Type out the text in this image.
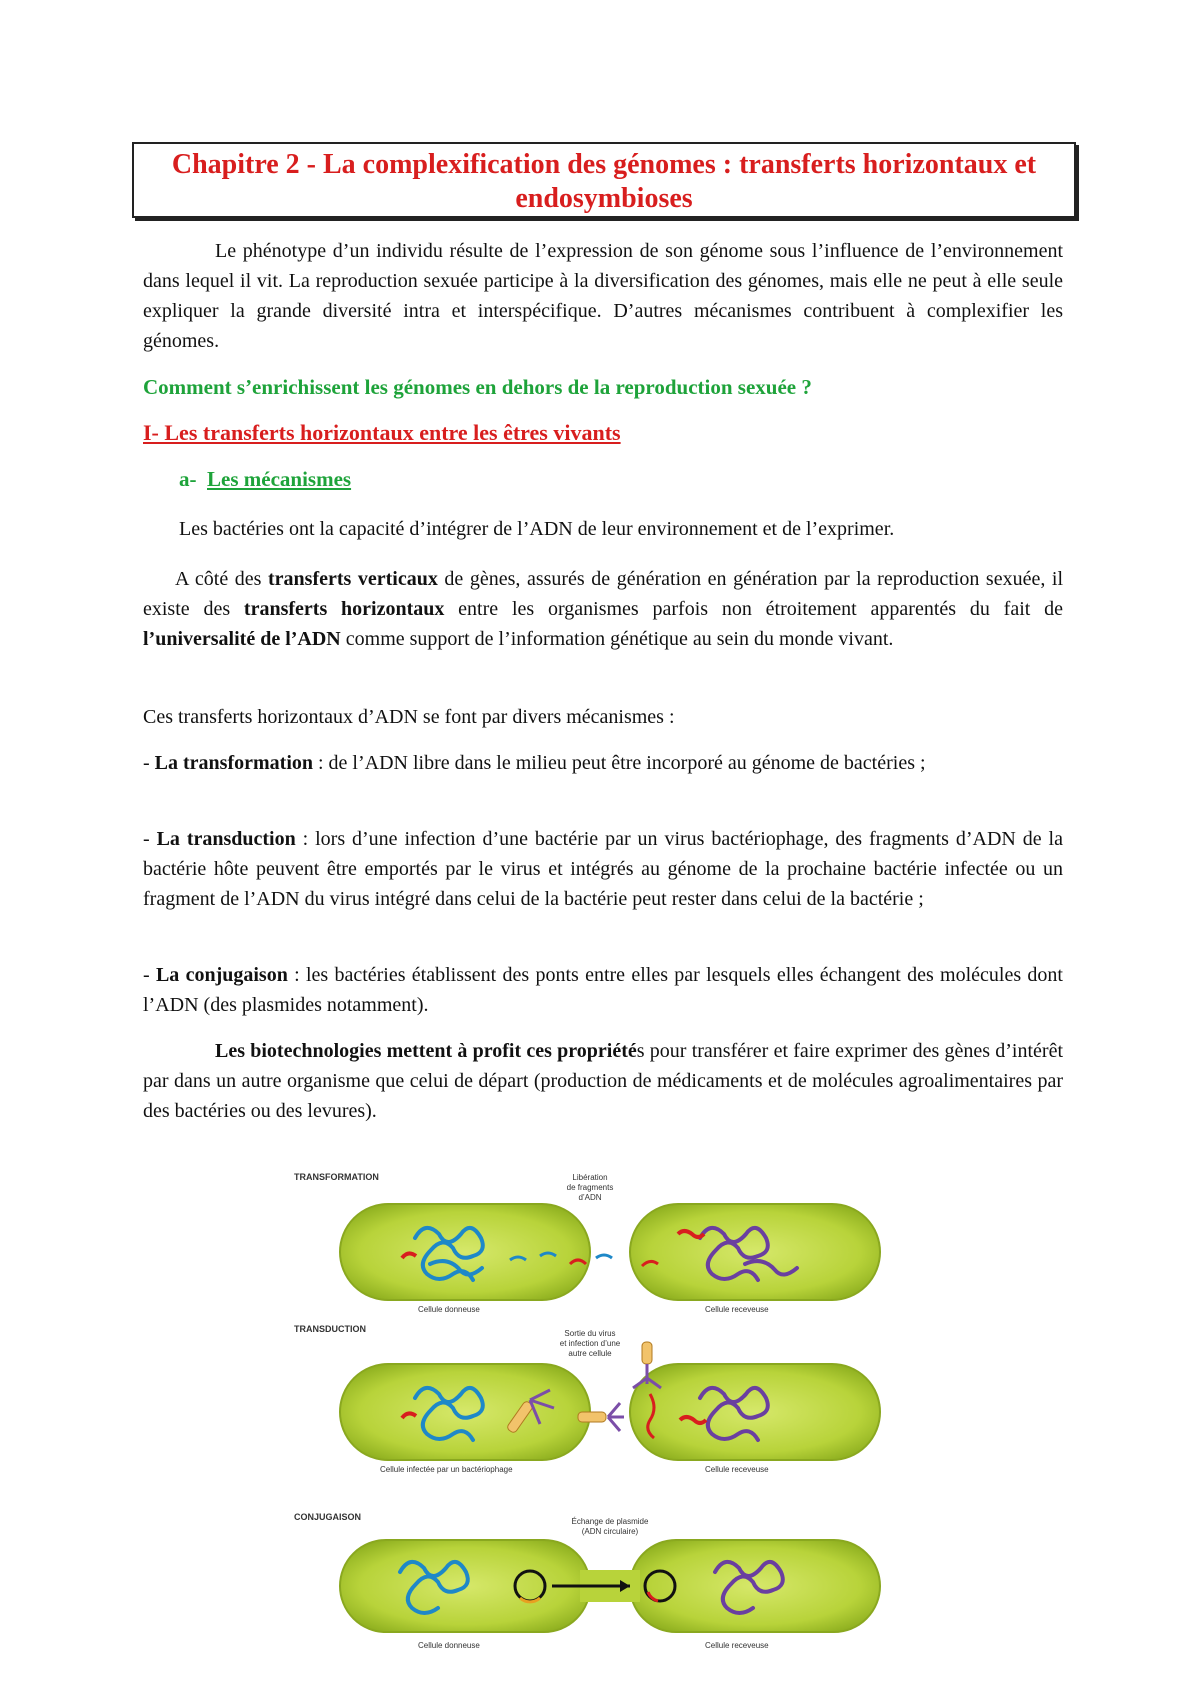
Chapitre 2 - La complexification des génomes : transferts horizontaux et endosymbioses

Le phénotype d’un individu résulte de l’expression de son génome sous l’influence de l’environnement dans lequel il vit. La reproduction sexuée participe à la diversification des génomes, mais elle ne peut à elle seule expliquer la grande diversité intra et interspécifique. D’autres mécanismes contribuent à complexifier les génomes.

Comment s’enrichissent les génomes en dehors de la reproduction sexuée ?

I- Les transferts horizontaux entre les êtres vivants

a- Les mécanismes

Les bactéries ont la capacité d’intégrer de l’ADN de leur environnement et de l’exprimer.

A côté des transferts verticaux de gènes, assurés de génération en génération par la reproduction sexuée, il existe des transferts horizontaux entre les organismes parfois non étroitement apparentés du fait de l’universalité de l’ADN comme support de l’information génétique au sein du monde vivant.

Ces transferts horizontaux d’ADN se font par divers mécanismes :

- La transformation : de l’ADN libre dans le milieu peut être incorporé au génome de bactéries ;

- La transduction : lors d’une infection d’une bactérie par un virus bactériophage, des fragments d’ADN de la bactérie hôte peuvent être emportés par le virus et intégrés au génome de la prochaine bactérie infectée ou un fragment de l’ADN du virus intégré dans celui de la bactérie peut rester dans celui de la bactérie ;

- La conjugaison : les bactéries établissent des ponts entre elles par lesquels elles échangent des molécules dont l’ADN (des plasmides notamment).

Les biotechnologies mettent à profit ces propriétés pour transférer et faire exprimer des gènes d’intérêt par dans un autre organisme que celui de départ (production de médicaments et de molécules agroalimentaires par des bactéries ou des levures).

TRANSFORMATION	Libération
de fragments
d’ADN
Cellule donneuse	Cellule receveuse
TRANSDUCTION	Sortie du virus
et infection d’une
autre cellule
Cellule infectée par un bactériophage	Cellule receveuse
CONJUGAISON	Échange de plasmide
(ADN circulaire)
Cellule donneuse	Cellule receveuse
